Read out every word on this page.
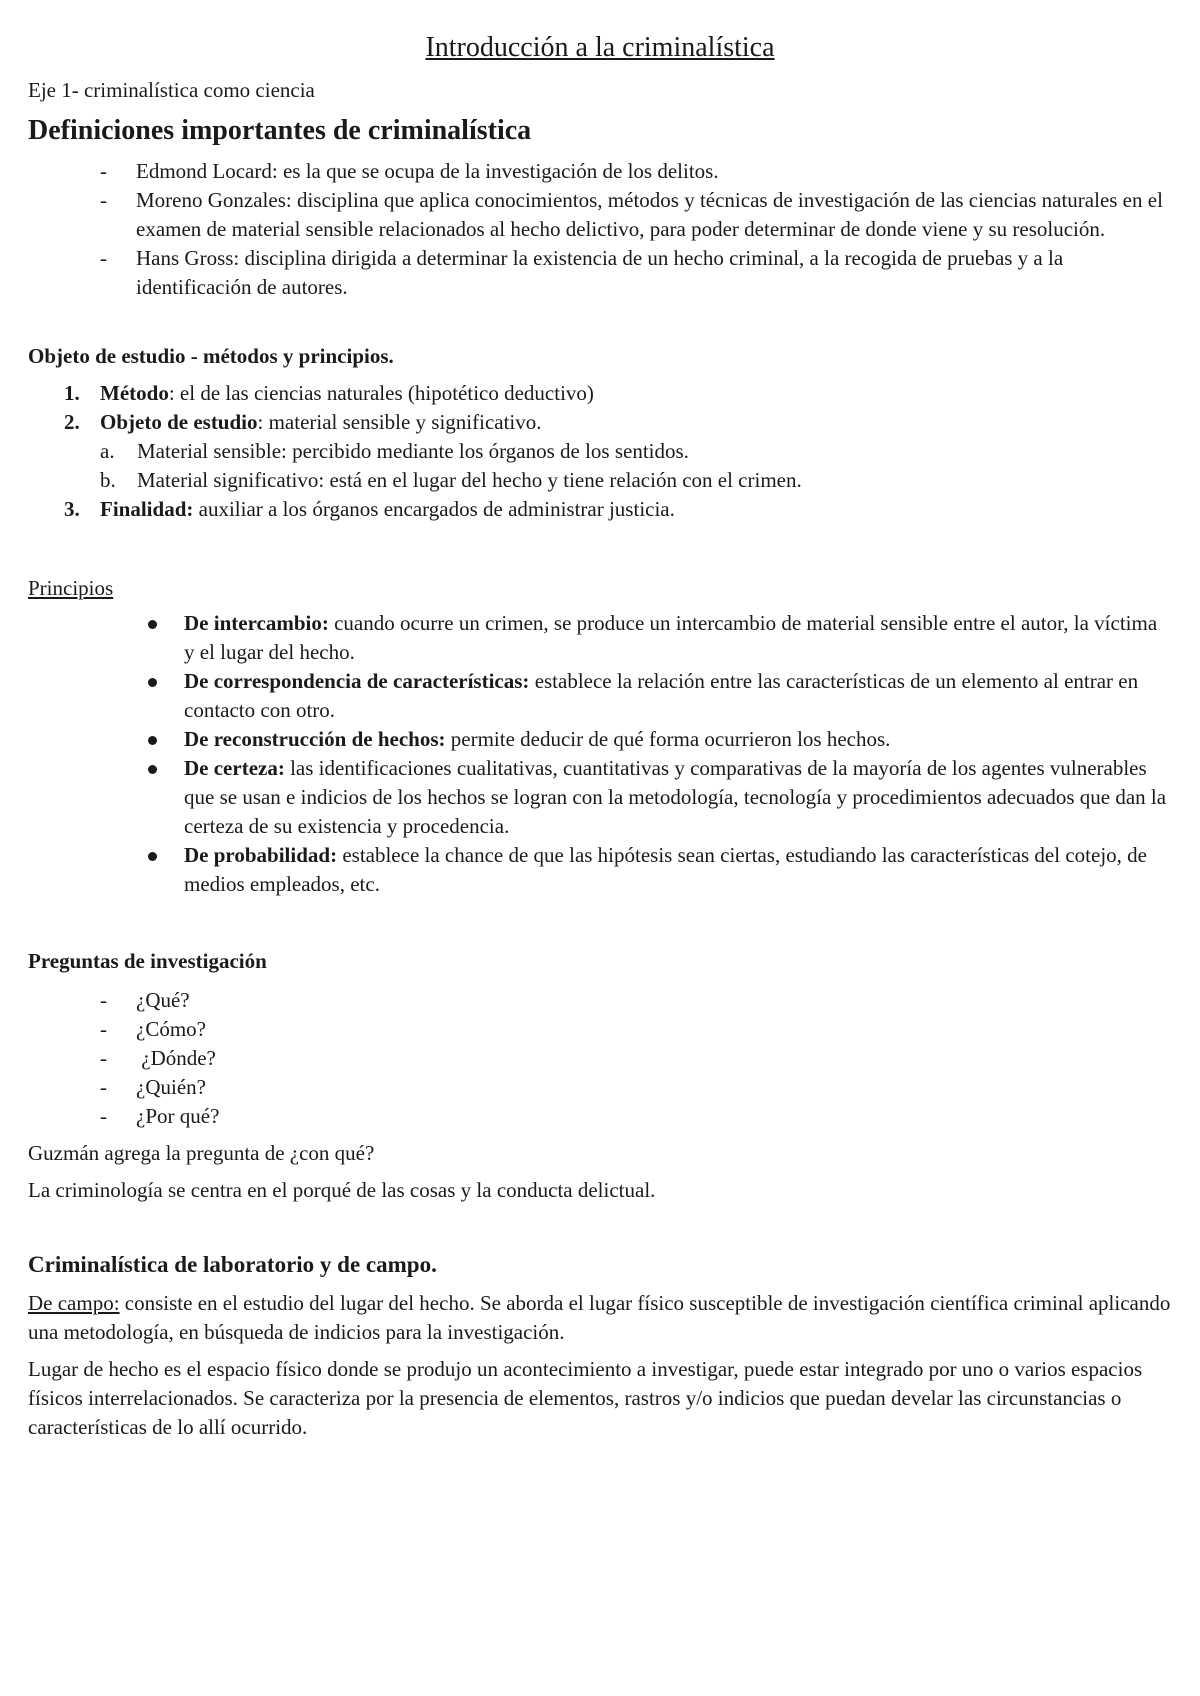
Introducción a la criminalística
Eje 1- criminalística como ciencia
Definiciones importantes de criminalística
- Edmond Locard: es la que se ocupa de la investigación de los delitos.
- Moreno Gonzales: disciplina que aplica conocimientos, métodos y técnicas de investigación de las ciencias naturales en el examen de material sensible relacionados al hecho delictivo, para poder determinar de donde viene y su resolución.
- Hans Gross: disciplina dirigida a determinar la existencia de un hecho criminal, a la recogida de pruebas y a la identificación de autores.
Objeto de estudio - métodos y principios.
1. Método: el de las ciencias naturales (hipotético deductivo)
2. Objeto de estudio: material sensible y significativo.
a. Material sensible: percibido mediante los órganos de los sentidos.
b. Material significativo: está en el lugar del hecho y tiene relación con el crimen.
3. Finalidad: auxiliar a los órganos encargados de administrar justicia.
Principios
De intercambio: cuando ocurre un crimen, se produce un intercambio de material sensible entre el autor, la víctima y el lugar del hecho.
De correspondencia de características: establece la relación entre las características de un elemento al entrar en contacto con otro.
De reconstrucción de hechos: permite deducir de qué forma ocurrieron los hechos.
De certeza: las identificaciones cualitativas, cuantitativas y comparativas de la mayoría de los agentes vulnerables que se usan e indicios de los hechos se logran con la metodología, tecnología y procedimientos adecuados que dan la certeza de su existencia y procedencia.
De probabilidad: establece la chance de que las hipótesis sean ciertas, estudiando las características del cotejo, de medios empleados, etc.
Preguntas de investigación
- ¿Qué?
- ¿Cómo?
- ¿Dónde?
- ¿Quién?
- ¿Por qué?
Guzmán agrega la pregunta de ¿con qué?
La criminología se centra en el porqué de las cosas y la conducta delictual.
Criminalística de laboratorio y de campo.
De campo: consiste en el estudio del lugar del hecho. Se aborda el lugar físico susceptible de investigación científica criminal aplicando una metodología, en búsqueda de indicios para la investigación.
Lugar de hecho es el espacio físico donde se produjo un acontecimiento a investigar, puede estar integrado por uno o varios espacios físicos interrelacionados. Se caracteriza por la presencia de elementos, rastros y/o indicios que puedan develar las circunstancias o características de lo allí ocurrido.
